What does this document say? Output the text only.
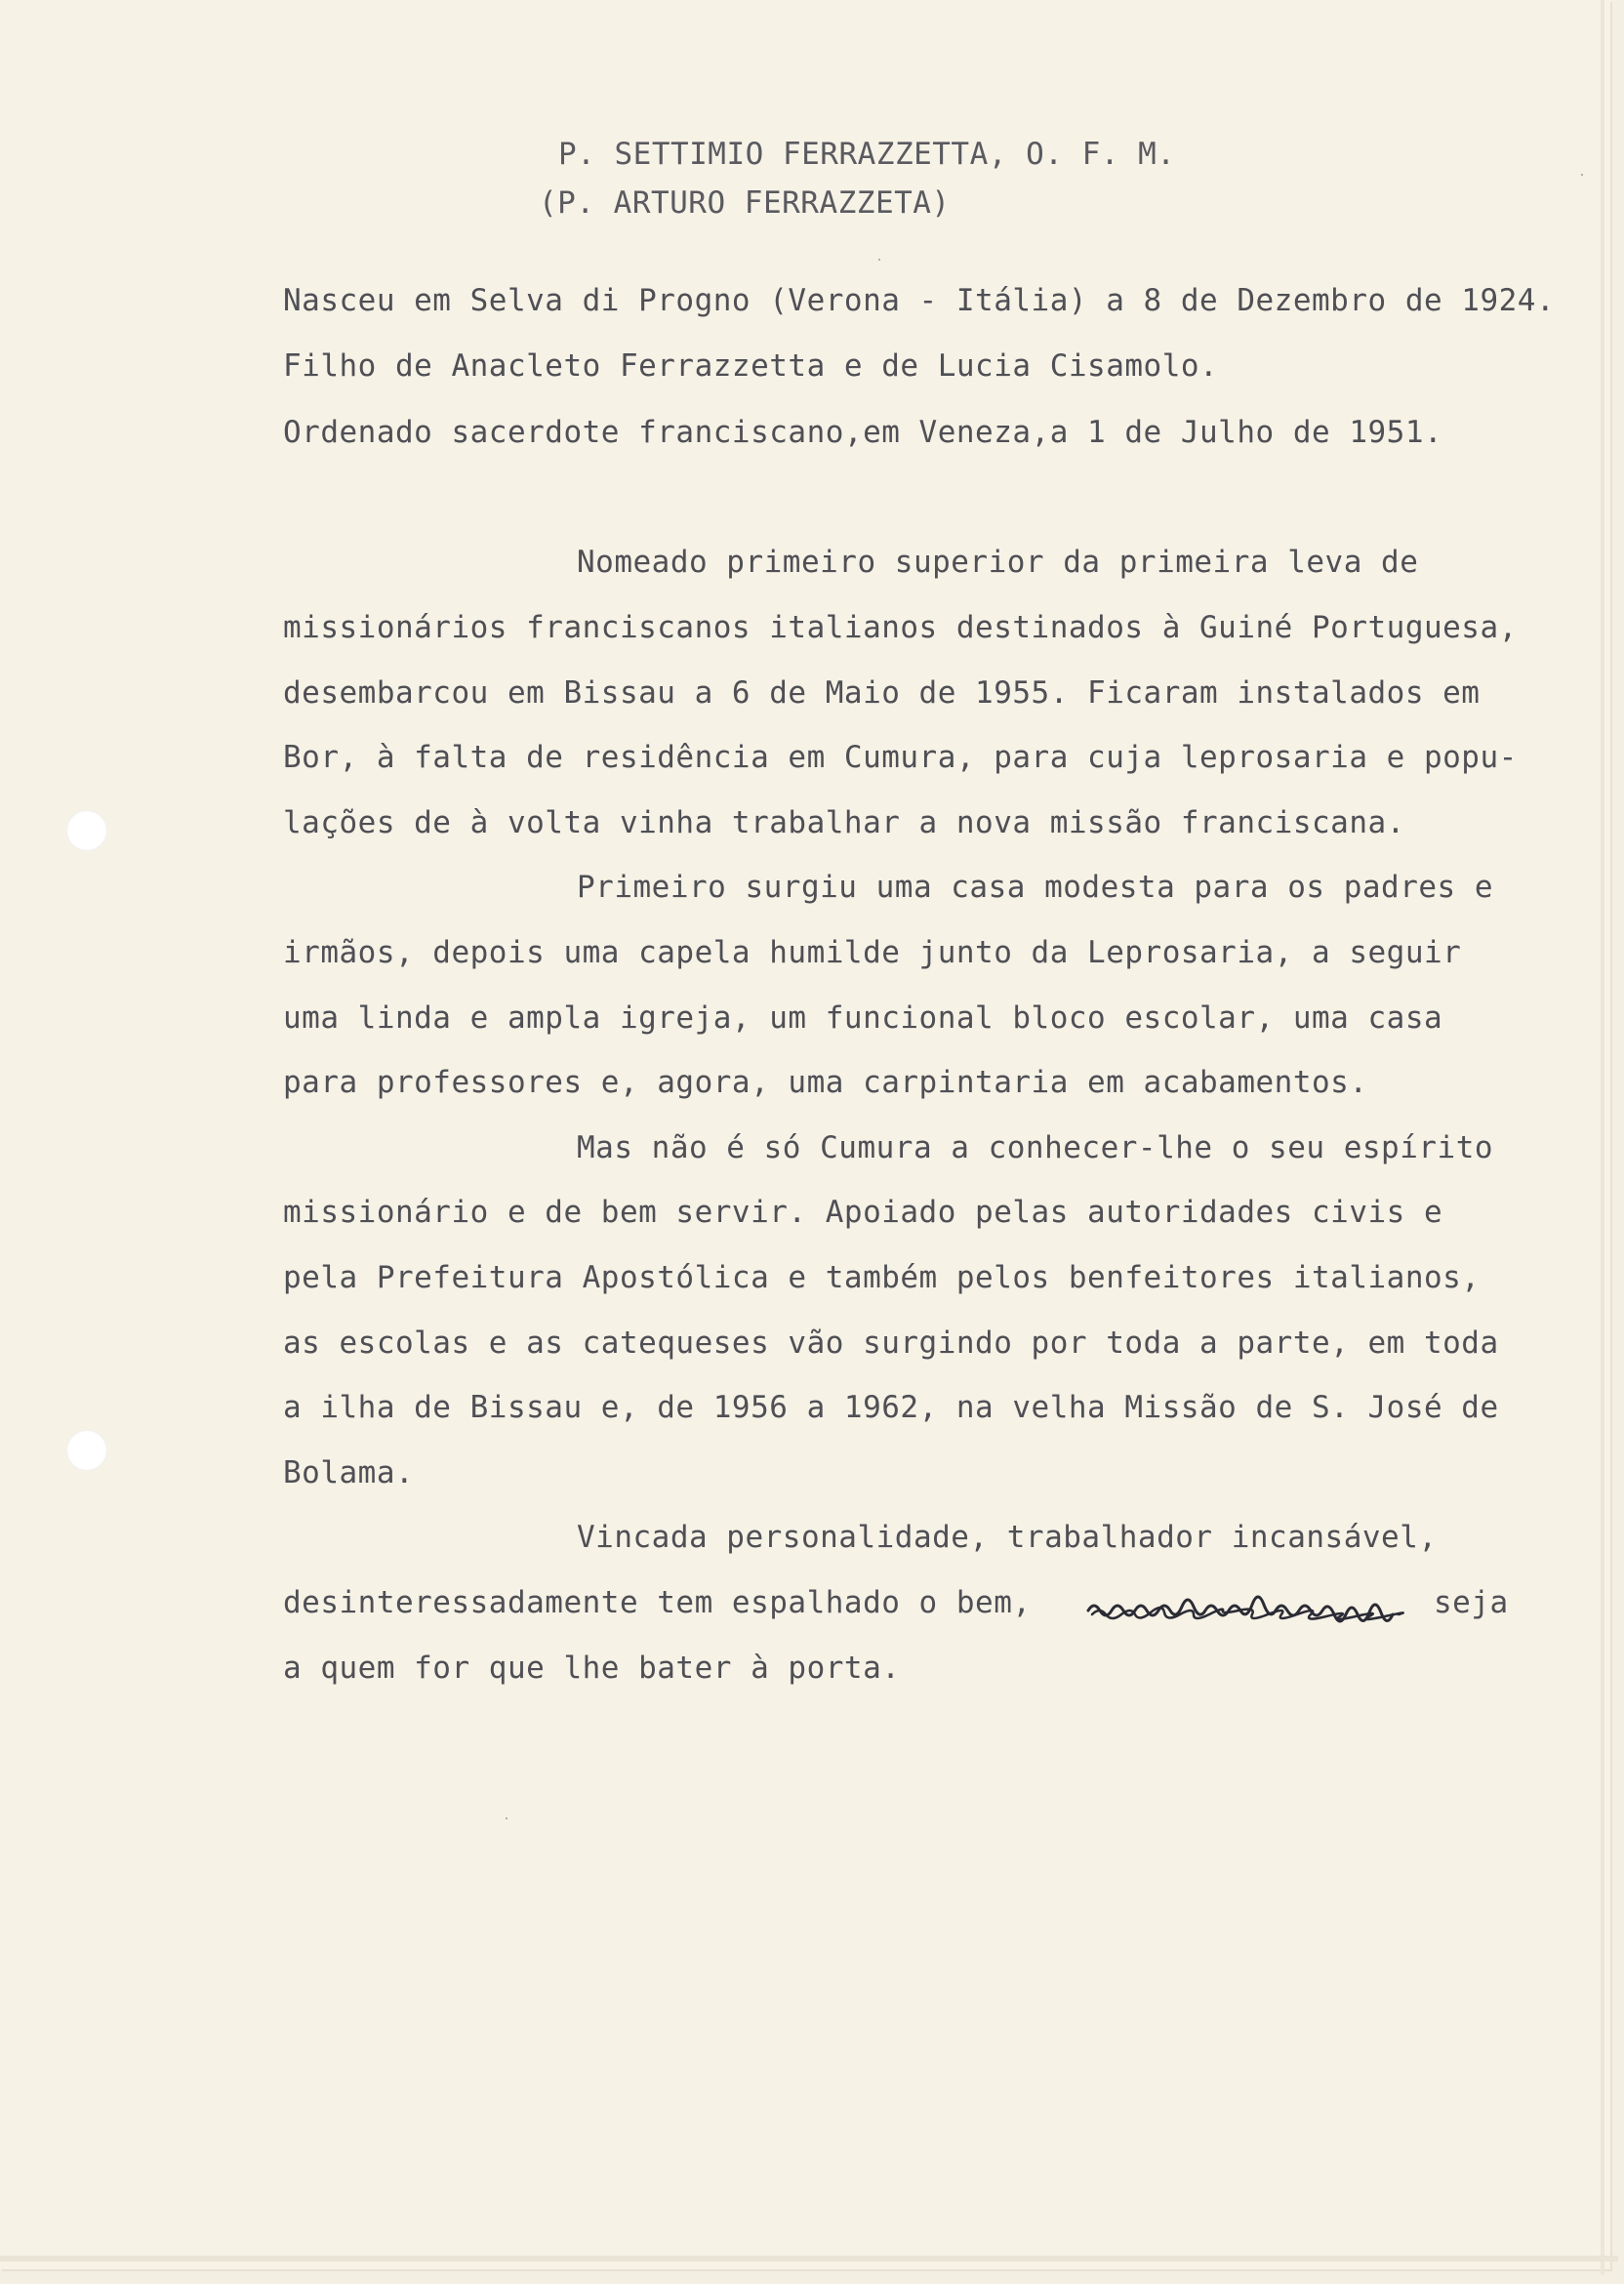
P. SETTIMIO FERRAZZETTA, O. F. M.
(P. ARTURO FERRAZZETA)
Nasceu em Selva di Progno (Verona - Itália) a 8 de Dezembro de 1924.
Filho de Anacleto Ferrazzetta e de Lucia Cisamolo.
Ordenado sacerdote franciscano,em Veneza,a 1 de Julho de 1951.
Nomeado primeiro superior da primeira leva de
missionários franciscanos italianos destinados à Guiné Portuguesa,
desembarcou em Bissau a 6 de Maio de 1955. Ficaram instalados em
Bor, à falta de residência em Cumura, para cuja leprosaria e popu-
lações de à volta vinha trabalhar a nova missão franciscana.
Primeiro surgiu uma casa modesta para os padres e
irmãos, depois uma capela humilde junto da Leprosaria, a seguir
uma linda e ampla igreja, um funcional bloco escolar, uma casa
para professores e, agora, uma carpintaria em acabamentos.
Mas não é só Cumura a conhecer-lhe o seu espírito
missionário e de bem servir. Apoiado pelas autoridades civis e
pela Prefeitura Apostólica e também pelos benfeitores italianos,
as escolas e as catequeses vão surgindo por toda a parte, em toda
a ilha de Bissau e, de 1956 a 1962, na velha Missão de S. José de
Bolama.
Vincada personalidade, trabalhador incansável,
desinteressadamente tem espalhado o bem,	seja
a quem for que lhe bater à porta.
